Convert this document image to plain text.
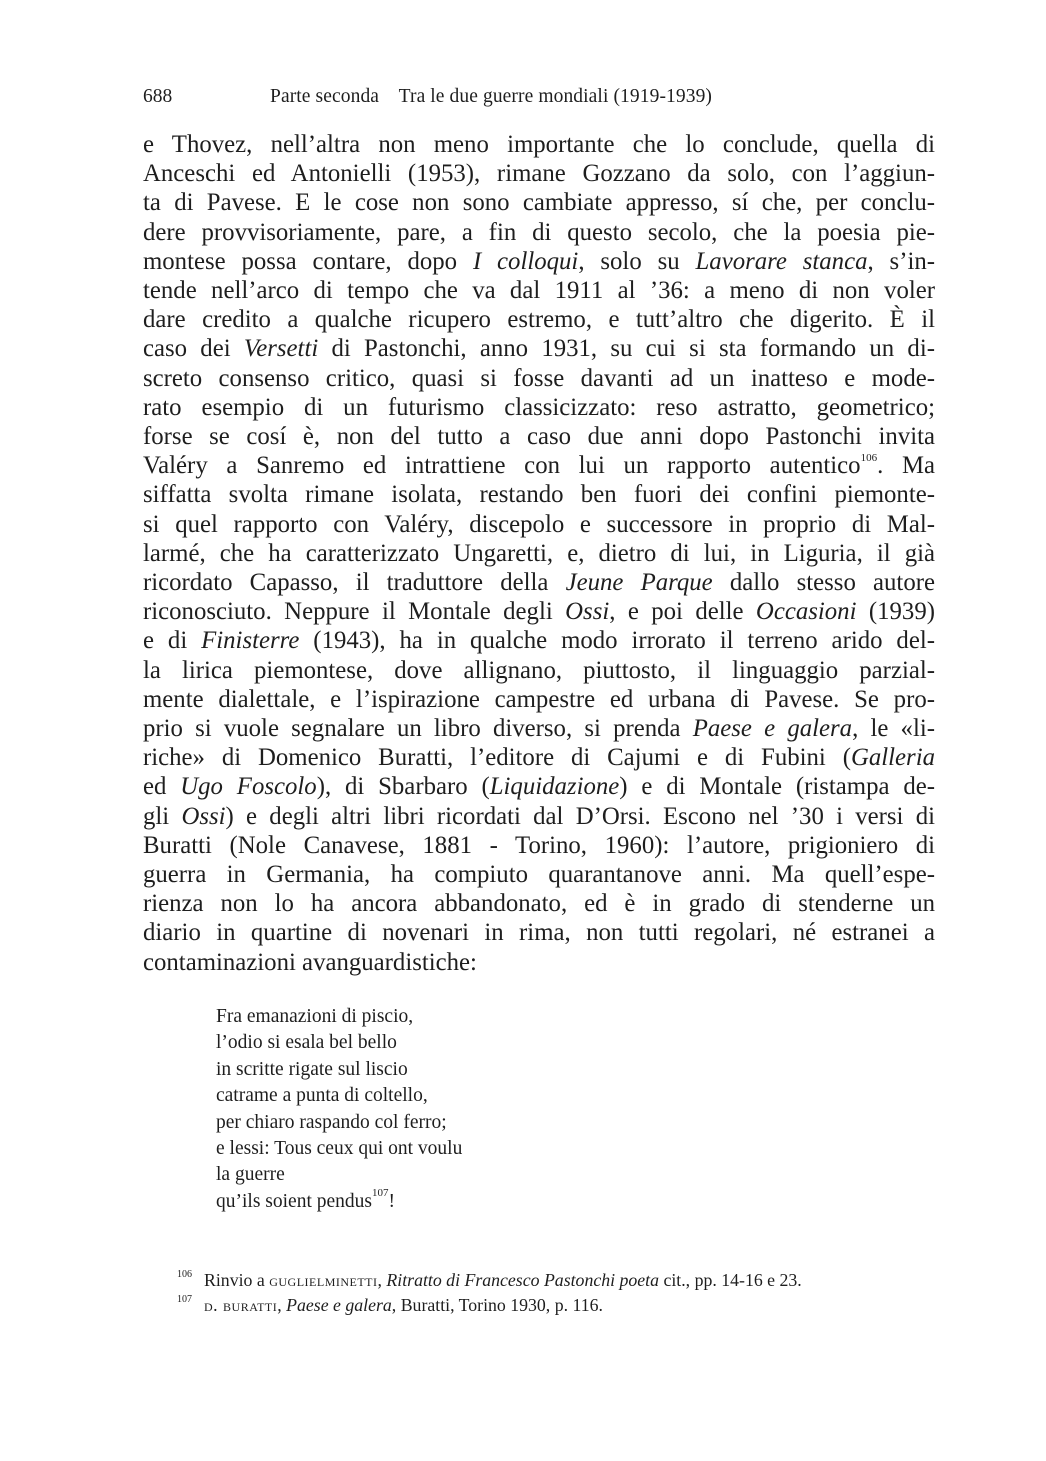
688	Parte seconda Tra le due guerre mondiali (1919-1939)
e Thovez, nell’altra non meno importante che lo conclude, quella di
Anceschi ed Antonielli (1953), rimane Gozzano da solo, con l’aggiun-
ta di Pavese. E le cose non sono cambiate appresso, sí che, per conclu-
dere provvisoriamente, pare, a fin di questo secolo, che la poesia pie-
montese possa contare, dopo I colloqui, solo su Lavorare stanca, s’in-
tende nell’arco di tempo che va dal 1911 al ’36: a meno di non voler
dare credito a qualche ricupero estremo, e tutt’altro che digerito. È il
caso dei Versetti di Pastonchi, anno 1931, su cui si sta formando un di-
screto consenso critico, quasi si fosse davanti ad un inatteso e mode-
rato esempio di un futurismo classicizzato: reso astratto, geometrico;
forse se cosí è, non del tutto a caso due anni dopo Pastonchi invita
Valéry a Sanremo ed intrattiene con lui un rapporto autentico$^{106}$. Ma
siffatta svolta rimane isolata, restando ben fuori dei confini piemonte-
si quel rapporto con Valéry, discepolo e successore in proprio di Mal-
larmé, che ha caratterizzato Ungaretti, e, dietro di lui, in Liguria, il già
ricordato Capasso, il traduttore della Jeune Parque dallo stesso autore
riconosciuto. Neppure il Montale degli Ossi, e poi delle Occasioni (1939)
e di Finisterre (1943), ha in qualche modo irrorato il terreno arido del-
la lirica piemontese, dove allignano, piuttosto, il linguaggio parzial-
mente dialettale, e l’ispirazione campestre ed urbana di Pavese. Se pro-
prio si vuole segnalare un libro diverso, si prenda Paese e galera, le «li-
riche» di Domenico Buratti, l’editore di Cajumi e di Fubini (Galleria
ed Ugo Foscolo), di Sbarbaro (Liquidazione) e di Montale (ristampa de-
gli Ossi) e degli altri libri ricordati dal D’Orsi. Escono nel ’30 i versi di
Buratti (Nole Canavese, 1881 - Torino, 1960): l’autore, prigioniero di
guerra in Germania, ha compiuto quarantanove anni. Ma quell’espe-
rienza non lo ha ancora abbandonato, ed è in grado di stenderne un
diario in quartine di novenari in rima, non tutti regolari, né estranei a
contaminazioni avanguardistiche:
Fra emanazioni di piscio,
l’odio si esala bel bello
in scritte rigate sul liscio
catrame a punta di coltello,
per chiaro raspando col ferro;
e lessi: Tous ceux qui ont voulu
la guerre
qu’ils soient pendus$^{107}$!
$^{106}$ Rinvio a guglielminetti, Ritratto di Francesco Pastonchi poeta cit., pp. 14-16 e 23.
$^{107}$ d. buratti, Paese e galera, Buratti, Torino 1930, p. 116.
